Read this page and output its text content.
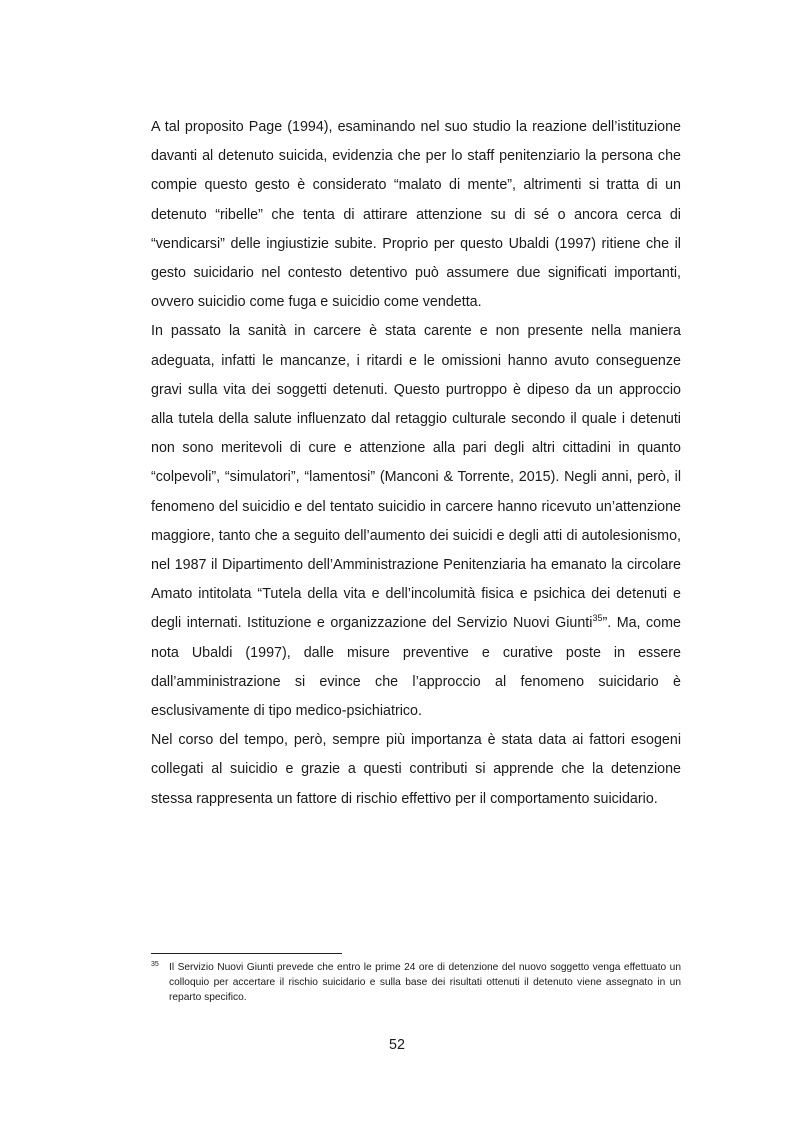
A tal proposito Page (1994), esaminando nel suo studio la reazione dell’istituzione davanti al detenuto suicida, evidenzia che per lo staff penitenziario la persona che compie questo gesto è considerato “malato di mente”, altrimenti si tratta di un detenuto “ribelle” che tenta di attirare attenzione su di sé o ancora cerca di “vendicarsi” delle ingiustizie subite. Proprio per questo Ubaldi (1997) ritiene che il gesto suicidario nel contesto detentivo può assumere due significati importanti, ovvero suicidio come fuga e suicidio come vendetta.

In passato la sanità in carcere è stata carente e non presente nella maniera adeguata, infatti le mancanze, i ritardi e le omissioni hanno avuto conseguenze gravi sulla vita dei soggetti detenuti. Questo purtroppo è dipeso da un approccio alla tutela della salute influenzato dal retaggio culturale secondo il quale i detenuti non sono meritevoli di cure e attenzione alla pari degli altri cittadini in quanto “colpevoli”, “simulatori”, “lamentosi” (Manconi & Torrente, 2015). Negli anni, però, il fenomeno del suicidio e del tentato suicidio in carcere hanno ricevuto un’attenzione maggiore, tanto che a seguito dell’aumento dei suicidi e degli atti di autolesionismo, nel 1987 il Dipartimento dell’Amministrazione Penitenziaria ha emanato la circolare Amato intitolata “Tutela della vita e dell’incolumità fisica e psichica dei detenuti e degli internati. Istituzione e organizzazione del Servizio Nuovi Giunti$^{35}$”. Ma, come nota Ubaldi (1997), dalle misure preventive e curative poste in essere dall’amministrazione si evince che l’approccio al fenomeno suicidario è esclusivamente di tipo medico-psichiatrico.

Nel corso del tempo, però, sempre più importanza è stata data ai fattori esogeni collegati al suicidio e grazie a questi contributi si apprende che la detenzione stessa rappresenta un fattore di rischio effettivo per il comportamento suicidario.

35 Il Servizio Nuovi Giunti prevede che entro le prime 24 ore di detenzione del nuovo soggetto venga effettuato un colloquio per accertare il rischio suicidario e sulla base dei risultati ottenuti il detenuto viene assegnato in un reparto specifico.
52
